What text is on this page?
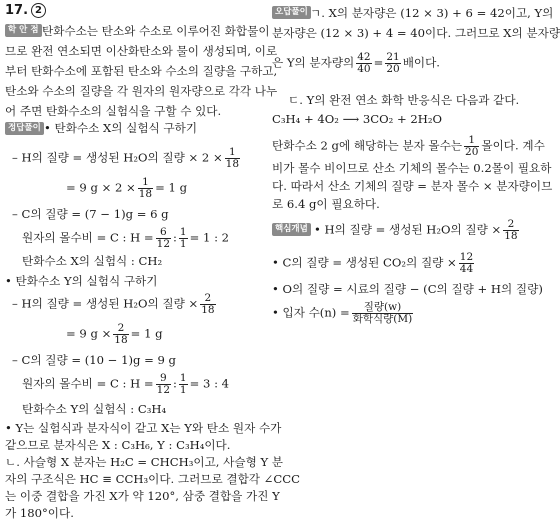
17. 2
학 안 점 탄화수소는 탄소와 수소로 이루어진 화합물이
므로 완전 연소되면 이산화탄소와 물이 생성되며, 이로
부터 탄화수소에 포함된 탄소와 수소의 질량을 구하고,
탄소와 수소의 질량을 각 원자의 원자량으로 각각 나누
어 주면 탄화수소의 실험식을 구할 수 있다.
정답풀이 • 탄화수소 X의 실험식 구하기
– H의 질량 = 생성된 H₂O의 질량 × $2 \times \frac{1}{18}$
= 9 $g \times 2 \times \frac{1}{18} = 1$ g
– C의 질량 = (7 − 1)g = 6 g
원자의 몰수비 = C : $H = \frac{6}{12}$ : $\frac{1}{1} = 1$ : 2
탄화수소 X의 실험식 : CH₂
• 탄화수소 Y의 실험식 구하기
– H의 질량 = 생성된 H₂O의 질량 × $\frac{2}{18}$
= 9 $g \times \frac{2}{18} = 1$ g
– C의 질량 = (10 − 1)g = 9 g
원자의 몰수비 = C : $H = \frac{9}{12}$ : $\frac{1}{1} = 3$ : 4
탄화수소 Y의 실험식 : C₃H₄
• Y는 실험식과 분자식이 같고 X는 Y와 탄소 원자 수가
같으므로 분자식은 X : C₃H₆, Y : C₃H₄이다.
ㄴ. 사슬형 X 분자는 H₂C = CHCH₃이고, 사슬형 Y 분
자의 구조식은 HC ≡ CCH₃이다. 그러므로 결합각 ∠CCC
는 이중 결합을 가진 X가 약 120°, 삼중 결합을 가진 Y
가 180°이다.
오답풀이 ㄱ. X의 분자량은 (12 × 3) + 6 = 42이고, Y의
분자량은 (12 × 3) + 4 = 40이다. 그러므로 X의 분자량
은 Y의 분자량의 $\frac{42}{40} = \frac{21}{20}$ 배이다.
ㄷ. Y의 완전 연소 화학 반응식은 다음과 같다.
C₃H₄ + 4O₂ ⟶ 3CO₂ + 2H₂O
탄화수소 2 g에 해당하는 분자 몰수는 $\frac{1}{20}$ 몰이다. 계수
비가 몰수 비이므로 산소 기체의 몰수는 0.2몰이 필요하
다. 따라서 산소 기체의 질량 = 분자 몰수 × 분자량이므
로 6.4 g이 필요하다.
핵심개념 • H의 질량 = 생성된 H₂O의 질량 × $\frac{2}{18}$
• C의 질량 = 생성된 CO₂의 질량 × $\frac{12}{44}$
• O의 질량 = 시료의 질량 − (C의 질량 + H의 질량)
• 입자 수$(n) = \frac{\text{질량(w)}}{\text{화학식량(M)}}$
